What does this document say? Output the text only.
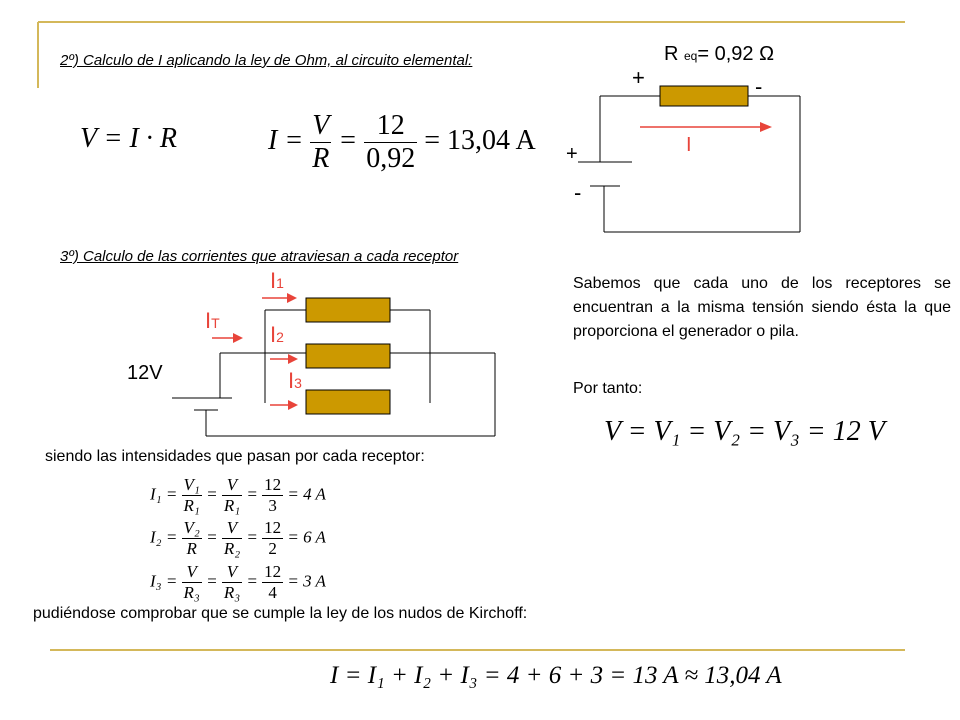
2º) Calculo de I aplicando la ley de Ohm, al circuito elemental:	R eq= 0,92 Ω
+	-
+
-
I
V = I · R	$I = \frac{V}{R} = \frac{12}{0,92} = 13,04$ A
3º) Calculo de las corrientes que atraviesan a cada receptor
Sabemos que cada uno de los receptores se encuentran a la misma tensión siendo ésta la que proporciona el generador o pila.
Por tanto:
12V
IT
I1
I2
I3
V = V₁ = V₂ = V₃ = 12 V
siendo las intensidades que pasan por cada receptor:
$I_1 = \frac{\text{V₁}}{\text{R₁}} = \frac{V}{\text{R₁}} = \frac{12}{3} = 4$ A
$I_2 = \frac{\text{V₂}}{R} = \frac{V}{\text{R₂}} = \frac{12}{2} = 6$ A
$I_3 = \frac{V}{\text{R₃}} = \frac{V}{\text{R₃}} = \frac{12}{4} = 3$ A
pudiéndose comprobar que se cumple la ley de los nudos de Kirchoff:
I = I₁ + I₂ + I₃ = 4 + 6 + 3 = 13 A ≈ 13,04 A
